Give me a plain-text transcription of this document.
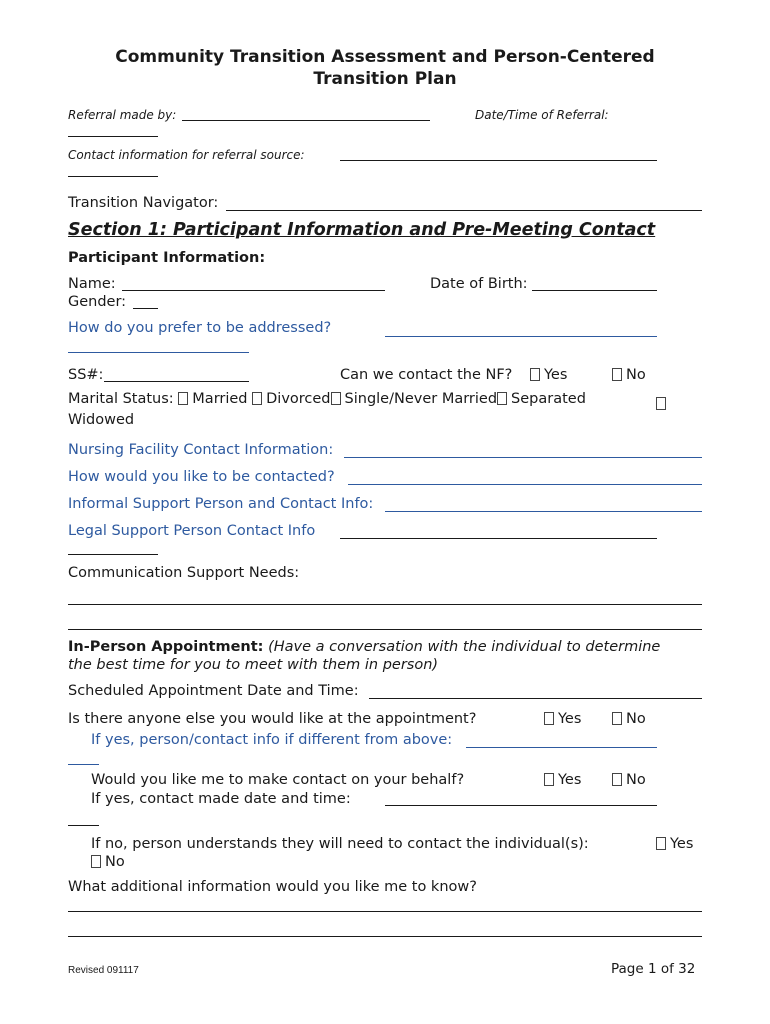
Community Transition Assessment and Person-Centered
Transition Plan
Referral made by:	Date/Time of Referral:
Contact information for referral source:
Transition Navigator:
Section 1: Participant Information and Pre-Meeting Contact
Participant Information:
Name:	Date of Birth:
Gender:
How do you prefer to be addressed?
SS#:	Can we contact the NF?	Yes	No
Marital Status: Married Divorced Single/Never Married Separated
Widowed
Nursing Facility Contact Information:
How would you like to be contacted?
Informal Support Person and Contact Info:
Legal Support Person Contact Info
Communication Support Needs:
In-Person Appointment: (Have a conversation with the individual to determine
the best time for you to meet with them in person)
Scheduled Appointment Date and Time:
Is there anyone else you would like at the appointment?	Yes	No
If yes, person/contact info if different from above:
Would you like me to make contact on your behalf?	Yes	No
If yes, contact made date and time:
If no, person understands they will need to contact the individual(s):	Yes
No
What additional information would you like me to know?
Revised 091117	Page 1 of 32
